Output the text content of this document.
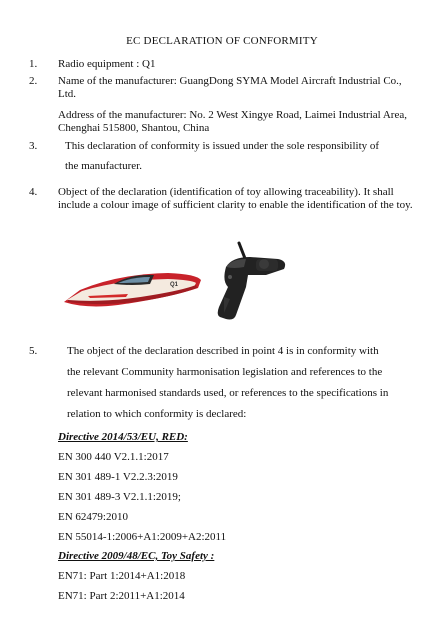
EC DECLARATION OF CONFORMITY
1. Radio equipment : Q1
2. Name of the manufacturer: GuangDong SYMA Model Aircraft Industrial Co., Ltd.
Address of the manufacturer: No. 2 West Xingye Road, Laimei Industrial Area, Chenghai 515800, Shantou, China
3.	This declaration of conformity is issued under the sole responsibility of
the manufacturer.
4. Object of the declaration (identification of toy allowing traceability). It shall include a colour image of sufficient clarity to enable the identification of the toy.
Q1
5.	The object of the declaration described in point 4 is in conformity with
the relevant Community harmonisation legislation and references to the
relevant harmonised standards used, or references to the specifications in
relation to which conformity is declared:
Directive 2014/53/EU, RED:
EN 300 440 V2.1.1:2017
EN 301 489-1 V2.2.3:2019
EN 301 489-3 V2.1.1:2019;
EN 62479:2010
EN 55014-1:2006+A1:2009+A2:2011
Directive 2009/48/EC, Toy Safety :
EN71: Part 1:2014+A1:2018
EN71: Part 2:2011+A1:2014
